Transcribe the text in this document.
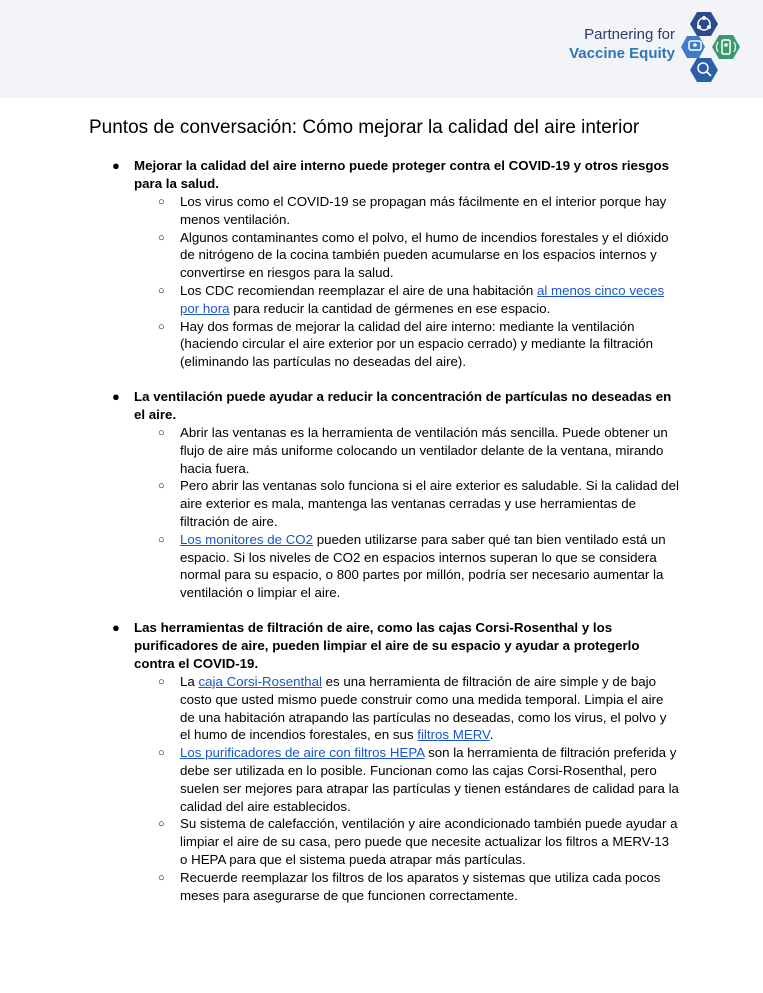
Partnering for
Vaccine Equity
Puntos de conversación: Cómo mejorar la calidad del aire interior
● Mejorar la calidad del aire interno puede proteger contra el COVID-19 y otros riesgos para la salud.
○ Los virus como el COVID-19 se propagan más fácilmente en el interior porque hay menos ventilación.
○ Algunos contaminantes como el polvo, el humo de incendios forestales y el dióxido de nitrógeno de la cocina también pueden acumularse en los espacios internos y convertirse en riesgos para la salud.
○ Los CDC recomiendan reemplazar el aire de una habitación al menos cinco veces por hora para reducir la cantidad de gérmenes en ese espacio.
○ Hay dos formas de mejorar la calidad del aire interno: mediante la ventilación (haciendo circular el aire exterior por un espacio cerrado) y mediante la filtración (eliminando las partículas no deseadas del aire).
● La ventilación puede ayudar a reducir la concentración de partículas no deseadas en el aire.
○ Abrir las ventanas es la herramienta de ventilación más sencilla. Puede obtener un flujo de aire más uniforme colocando un ventilador delante de la ventana, mirando hacia fuera.
○ Pero abrir las ventanas solo funciona si el aire exterior es saludable. Si la calidad del aire exterior es mala, mantenga las ventanas cerradas y use herramientas de filtración de aire.
○ Los monitores de CO2 pueden utilizarse para saber qué tan bien ventilado está un espacio. Si los niveles de CO2 en espacios internos superan lo que se considera normal para su espacio, o 800 partes por millón, podría ser necesario aumentar la ventilación o limpiar el aire.
● Las herramientas de filtración de aire, como las cajas Corsi-Rosenthal y los purificadores de aire, pueden limpiar el aire de su espacio y ayudar a protegerlo contra el COVID-19.
○ La caja Corsi-Rosenthal es una herramienta de filtración de aire simple y de bajo costo que usted mismo puede construir como una medida temporal. Limpia el aire de una habitación atrapando las partículas no deseadas, como los virus, el polvo y el humo de incendios forestales, en sus filtros MERV.
○ Los purificadores de aire con filtros HEPA son la herramienta de filtración preferida y debe ser utilizada en lo posible. Funcionan como las cajas Corsi-Rosenthal, pero suelen ser mejores para atrapar las partículas y tienen estándares de calidad para la calidad del aire establecidos.
○ Su sistema de calefacción, ventilación y aire acondicionado también puede ayudar a limpiar el aire de su casa, pero puede que necesite actualizar los filtros a MERV-13 o HEPA para que el sistema pueda atrapar más partículas.
○ Recuerde reemplazar los filtros de los aparatos y sistemas que utiliza cada pocos meses para asegurarse de que funcionen correctamente.
